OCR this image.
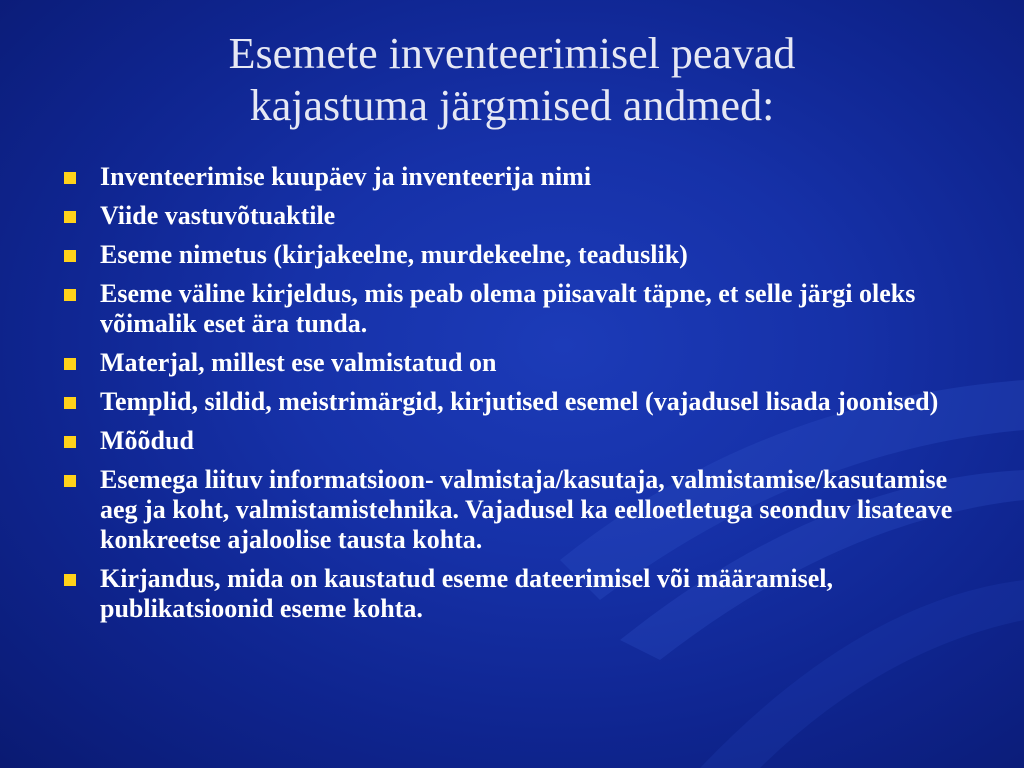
Esemete inventeerimisel peavad
kajastuma järgmised andmed:
Inventeerimise kuupäev ja inventeerija nimi
Viide vastuvõtuaktile
Eseme nimetus (kirjakeelne, murdekeelne, teaduslik)
Eseme väline kirjeldus, mis peab olema piisavalt täpne, et selle järgi oleks võimalik eset ära tunda.
Materjal, millest ese valmistatud on
Templid, sildid, meistrimärgid, kirjutised esemel (vajadusel lisada joonised)
Mõõdud
Esemega liituv informatsioon- valmistaja/kasutaja, valmistamise/kasutamise aeg ja koht, valmistamistehnika. Vajadusel ka eelloetletuga seonduv lisateave konkreetse ajaloolise tausta kohta.
Kirjandus, mida on kaustatud eseme dateerimisel või määramisel, publikatsioonid eseme kohta.
